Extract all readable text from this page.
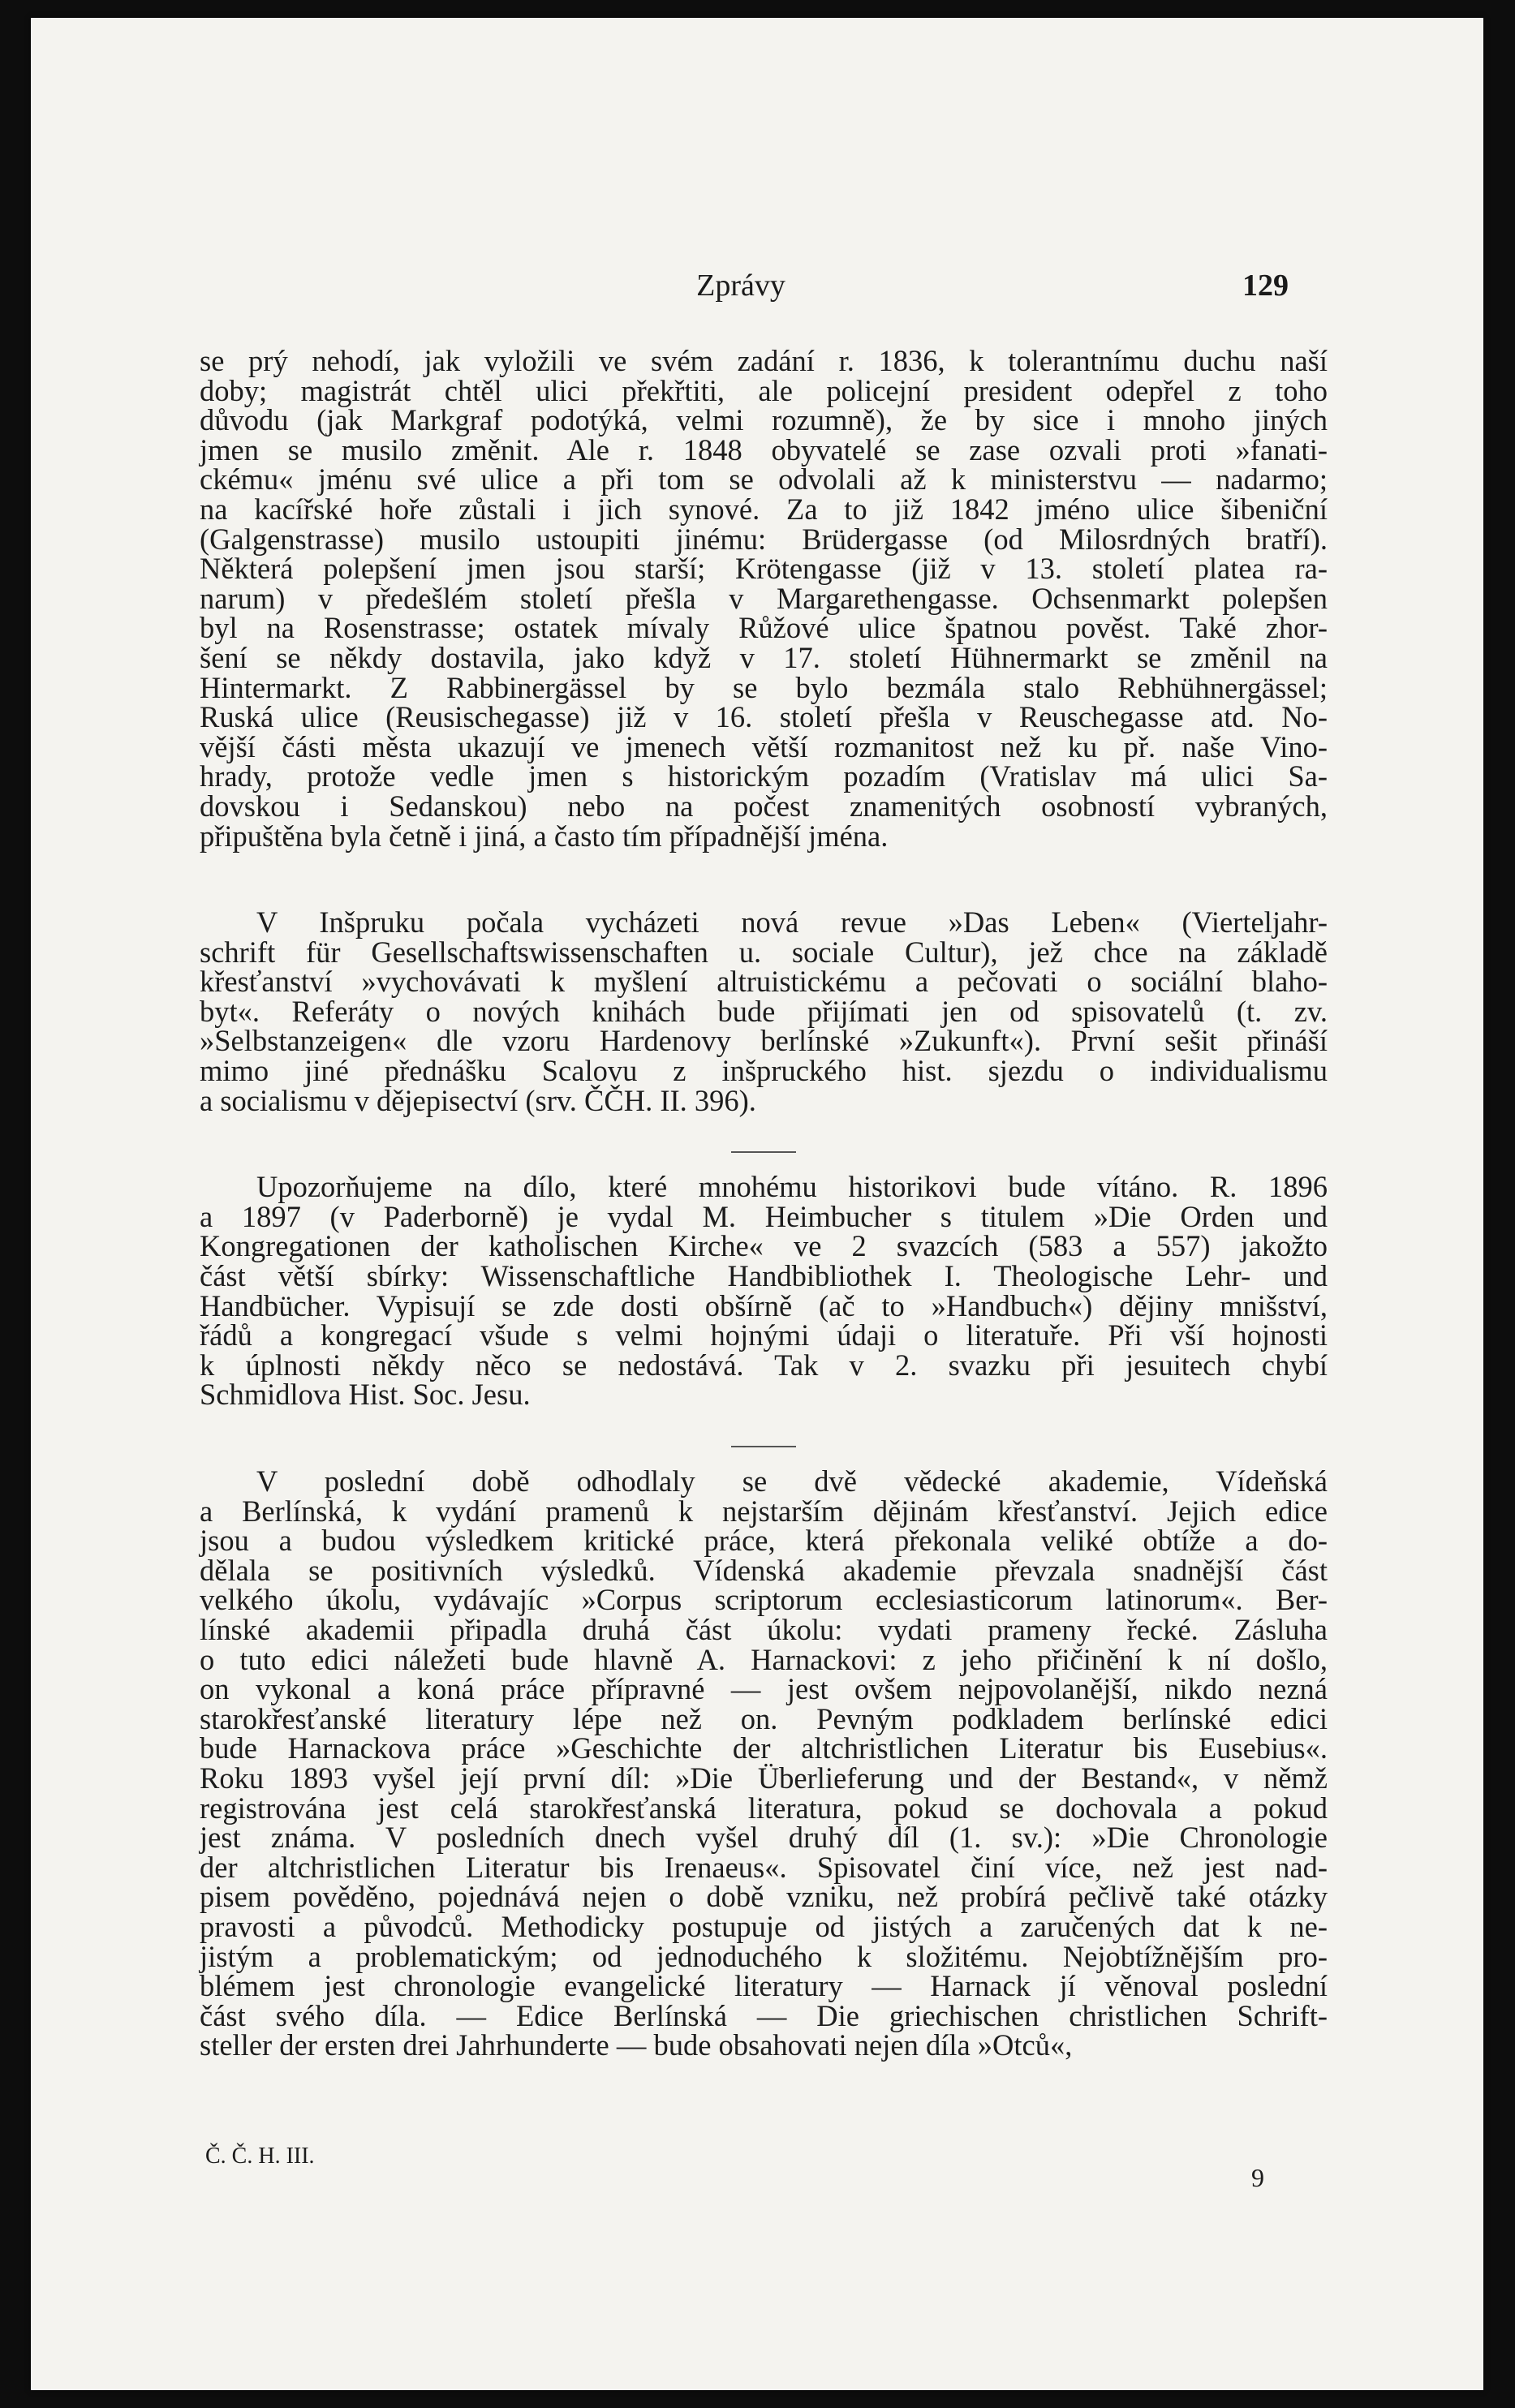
Zprávy	129
se prý nehodí, jak vyložili ve svém zadání r. 1836, k tolerantnímu duchu naší
doby; magistrát chtěl ulici překřtiti, ale policejní president odepřel z toho
důvodu (jak Markgraf podotýká, velmi rozumně), že by sice i mnoho jiných
jmen se musilo změnit. Ale r. 1848 obyvatelé se zase ozvali proti »fanati-
ckému« jménu své ulice a při tom se odvolali až k ministerstvu — nadarmo;
na kacířské hoře zůstali i jich synové. Za to již 1842 jméno ulice šibeniční
(Galgenstrasse) musilo ustoupiti jinému: Brüdergasse (od Milosrdných bratří).
Některá polepšení jmen jsou starší; Krötengasse (již v 13. století platea ra-
narum) v předešlém století přešla v Margarethengasse. Ochsenmarkt polepšen
byl na Rosenstrasse; ostatek mívaly Růžové ulice špatnou pověst. Také zhor-
šení se někdy dostavila, jako když v 17. století Hühnermarkt se změnil na
Hintermarkt. Z Rabbinergässel by se bylo bezmála stalo Rebhühnergässel;
Ruská ulice (Reusischegasse) již v 16. století přešla v Reuschegasse atd. No-
vější části města ukazují ve jmenech větší rozmanitost než ku př. naše Vino-
hrady, protože vedle jmen s historickým pozadím (Vratislav má ulici Sa-
dovskou i Sedanskou) nebo na počest znamenitých osobností vybraných,
připuštěna byla četně i jiná, a často tím případnější jména.
V Inšpruku počala vycházeti nová revue »Das Leben« (Vierteljahr-
schrift für Gesellschaftswissenschaften u. sociale Cultur), jež chce na základě
křesťanství »vychovávati k myšlení altruistickému a pečovati o sociální blaho-
byt«. Referáty o nových knihách bude přijímati jen od spisovatelů (t. zv.
»Selbstanzeigen« dle vzoru Hardenovy berlínské »Zukunft«). První sešit přináší
mimo jiné přednášku Scalovu z inšpruckého hist. sjezdu o individualismu
a socialismu v dějepisectví (srv. ČČH. II. 396).
Upozorňujeme na dílo, které mnohému historikovi bude vítáno. R. 1896
a 1897 (v Paderborně) je vydal M. Heimbucher s titulem »Die Orden und
Kongregationen der katholischen Kirche« ve 2 svazcích (583 a 557) jakožto
část větší sbírky: Wissenschaftliche Handbibliothek I. Theologische Lehr- und
Handbücher. Vypisují se zde dosti obšírně (ač to »Handbuch«) dějiny mnišství,
řádů a kongregací všude s velmi hojnými údaji o literatuře. Při vší hojnosti
k úplnosti někdy něco se nedostává. Tak v 2. svazku při jesuitech chybí
Schmidlova Hist. Soc. Jesu.
V poslední době odhodlaly se dvě vědecké akademie, Vídeňská
a Berlínská, k vydání pramenů k nejstarším dějinám křesťanství. Jejich edice
jsou a budou výsledkem kritické práce, která překonala veliké obtíže a do-
dělala se positivních výsledků. Vídenská akademie převzala snadnější část
velkého úkolu, vydávajíc »Corpus scriptorum ecclesiasticorum latinorum«. Ber-
línské akademii připadla druhá část úkolu: vydati prameny řecké. Zásluha
o tuto edici náležeti bude hlavně A. Harnackovi: z jeho přičinění k ní došlo,
on vykonal a koná práce přípravné — jest ovšem nejpovolanější, nikdo nezná
starokřesťanské literatury lépe než on. Pevným podkladem berlínské edici
bude Harnackova práce »Geschichte der altchristlichen Literatur bis Eusebius«.
Roku 1893 vyšel její první díl: »Die Überlieferung und der Bestand«, v němž
registrována jest celá starokřesťanská literatura, pokud se dochovala a pokud
jest známa. V posledních dnech vyšel druhý díl (1. sv.): »Die Chronologie
der altchristlichen Literatur bis Irenaeus«. Spisovatel činí více, než jest nad-
pisem pověděno, pojednává nejen o době vzniku, než probírá pečlivě také otázky
pravosti a původců. Methodicky postupuje od jistých a zaručených dat k ne-
jistým a problematickým; od jednoduchého k složitému. Nejobtížnějším pro-
blémem jest chronologie evangelické literatury — Harnack jí věnoval poslední
část svého díla. — Edice Berlínská — Die griechischen christlichen Schrift-
steller der ersten drei Jahrhunderte — bude obsahovati nejen díla »Otců«,
Č. Č. H. III.
9
